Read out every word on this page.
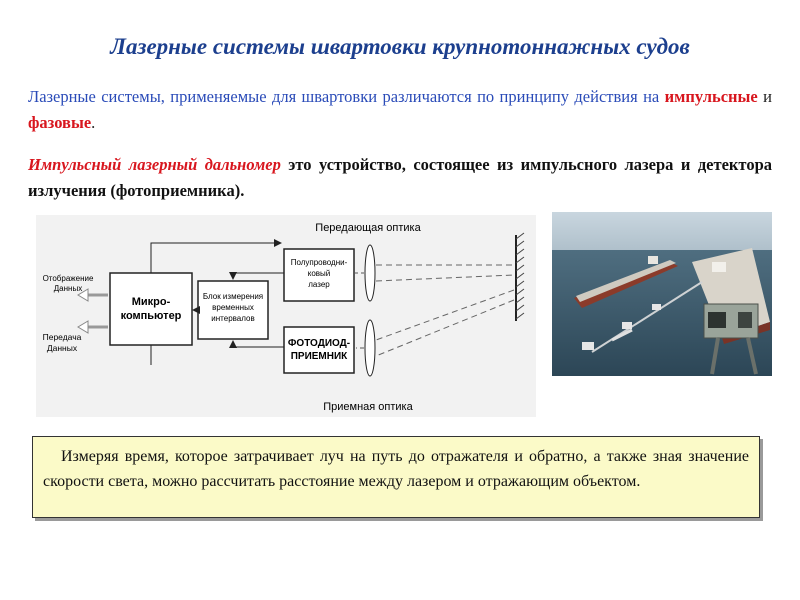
Лазерные системы швартовки крупнотоннажных судов
Лазерные системы, применяемые для швартовки различаются по принципу действия на импульсные и фазовые.
Импульсный лазерный дальномер это устройство, состоящее из импульсного лазера и детектора излучения (фотоприемника).
Передающая оптика
Приемная оптика
Отображение
Данных
Передача
Данных
Микро-
компьютер
Блок измерения
временных
интервалов
Полупроводни-
ковый
лазер
ФОТОДИОД-
ПРИЕМНИК
Измеряя время, которое затрачивает луч на путь до отражателя и обратно, а также зная значение скорости света, можно рассчитать расстояние между лазером и отражающим объектом.
